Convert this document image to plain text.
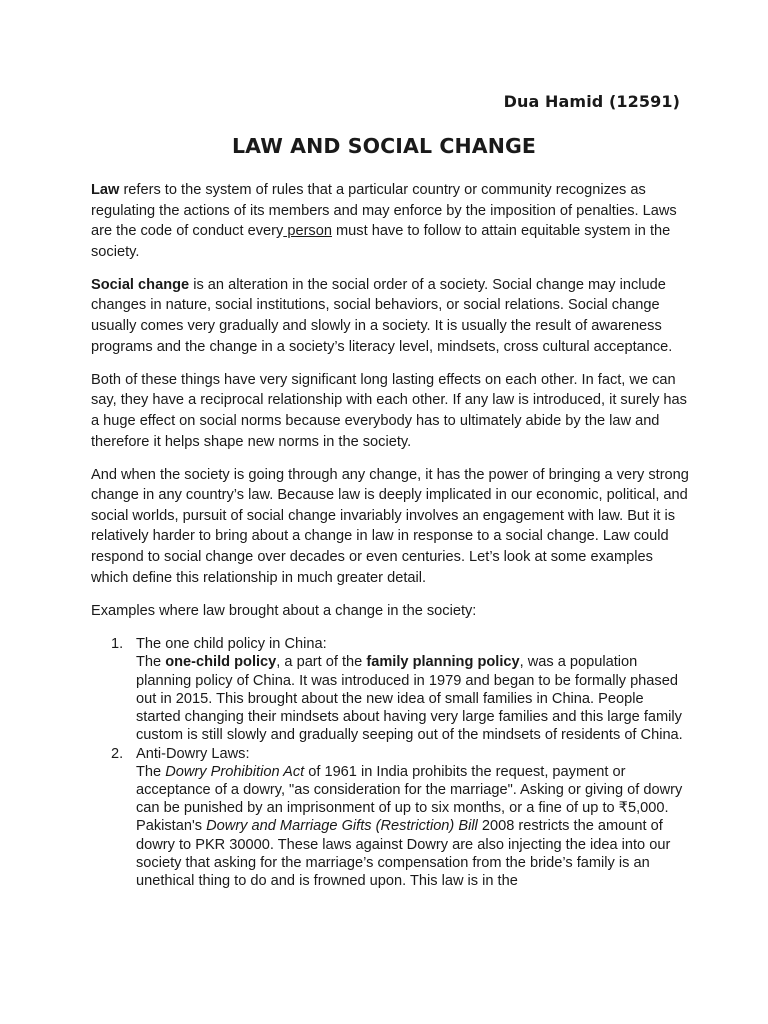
Dua Hamid (12591)
LAW AND SOCIAL CHANGE

Law refers to the system of rules that a particular country or community recognizes as regulating the actions of its members and may enforce by the imposition of penalties. Laws are the code of conduct every person must have to follow to attain equitable system in the society.

Social change is an alteration in the social order of a society. Social change may include changes in nature, social institutions, social behaviors, or social relations. Social change usually comes very gradually and slowly in a society. It is usually the result of awareness programs and the change in a society’s literacy level, mindsets, cross cultural acceptance.

Both of these things have very significant long lasting effects on each other. In fact, we can say, they have a reciprocal relationship with each other. If any law is introduced, it surely has a huge effect on social norms because everybody has to ultimately abide by the law and therefore it helps shape new norms in the society.

And when the society is going through any change, it has the power of bringing a very strong change in any country’s law. Because law is deeply implicated in our economic, political, and social worlds, pursuit of social change invariably involves an engagement with law. But it is relatively harder to bring about a change in law in response to a social change. Law could respond to social change over decades or even centuries. Let’s look at some examples which define this relationship in much greater detail.

Examples where law brought about a change in the society:

1. The one child policy in China:
The one-child policy, a part of the family planning policy, was a population planning policy of China. It was introduced in 1979 and began to be formally phased out in 2015. This brought about the new idea of small families in China. People started changing their mindsets about having very large families and this large family custom is still slowly and gradually seeping out of the mindsets of residents of China.
2. Anti-Dowry Laws:
The Dowry Prohibition Act of 1961 in India prohibits the request, payment or acceptance of a dowry, "as consideration for the marriage". Asking or giving of dowry can be punished by an imprisonment of up to six months, or a fine of up to ₹5,000. Pakistan's Dowry and Marriage Gifts (Restriction) Bill 2008 restricts the amount of dowry to PKR 30000. These laws against Dowry are also injecting the idea into our society that asking for the marriage’s compensation from the bride’s family is an unethical thing to do and is frowned upon. This law is in the
